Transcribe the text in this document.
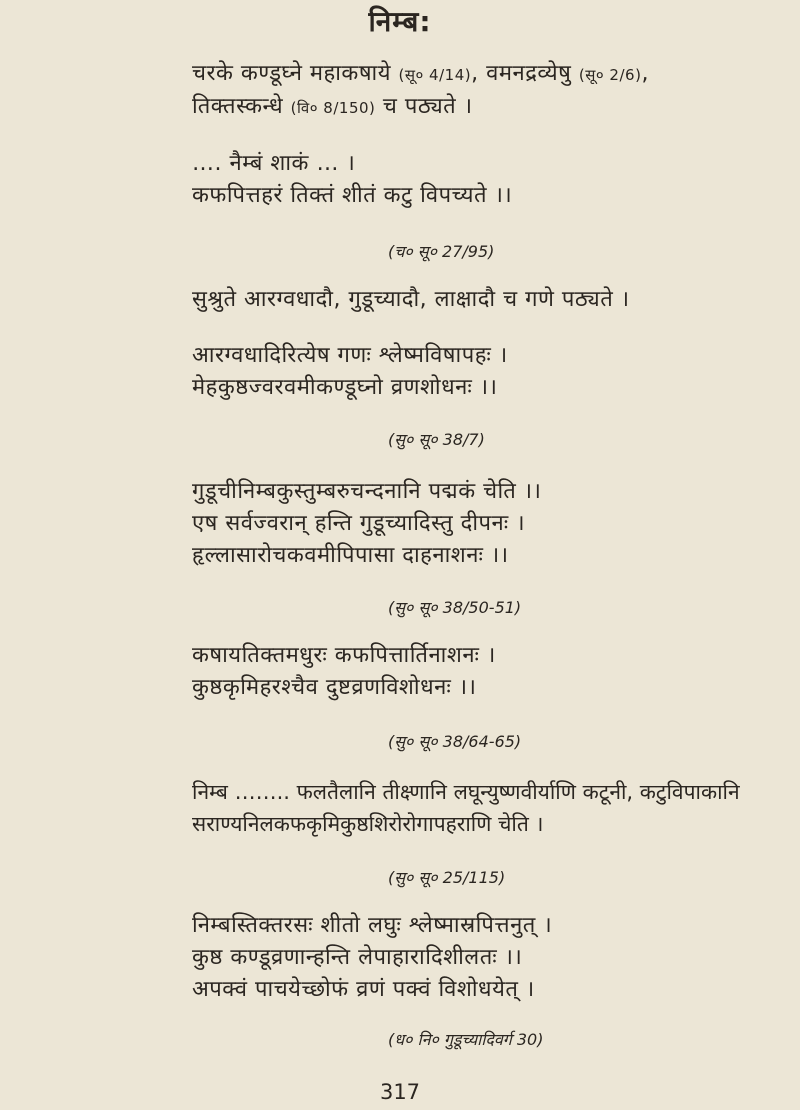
निम्ब:
चरके कण्डूघ्ने महाकषाये (सू० 4/14), वमनद्रव्येषु (सू० 2/6),
तिक्तस्कन्धे (वि० 8/150) च पठ्यते ।
…. नैम्बं शाकं … ।
कफपित्तहरं तिक्तं शीतं कटु विपच्यते ।।
(च० सू० 27/95)
सुश्रुते आरग्वधादौ, गुडूच्यादौ, लाक्षादौ च गणे पठ्यते ।
आरग्वधादिरित्येष गणः श्लेष्मविषापहः ।
मेहकुष्ठज्वरवमीकण्डूघ्नो व्रणशोधनः ।।
(सु० सू० 38/7)
गुडूचीनिम्बकुस्तुम्बरुचन्दनानि पद्मकं चेति ।।
एष सर्वज्वरान् हन्ति गुडूच्यादिस्तु दीपनः ।
हृल्लासारोचकवमीपिपासा दाहनाशनः ।।
(सु० सू० 38/50-51)
कषायतिक्तमधुरः कफपित्तार्तिनाशनः ।
कुष्ठकृमिहरश्चैव दुष्टव्रणविशोधनः ।।
(सु० सू० 38/64-65)
निम्ब …….. फलतैलानि तीक्ष्णानि लघून्युष्णवीर्याणि कटूनी, कटुविपाकानि
सराण्यनिलकफकृमिकुष्ठशिरोरोगापहराणि चेति ।
(सु० सू० 25/115)
निम्बस्तिक्तरसः शीतो लघुः श्लेष्मास्रपित्तनुत् ।
कुष्ठ कण्डूव्रणान्हन्ति लेपाहारादिशीलतः ।।
अपक्वं पाचयेच्छोफं व्रणं पक्वं विशोधयेत् ।
(ध० नि० गुडूच्यादिवर्ग 30)
317
